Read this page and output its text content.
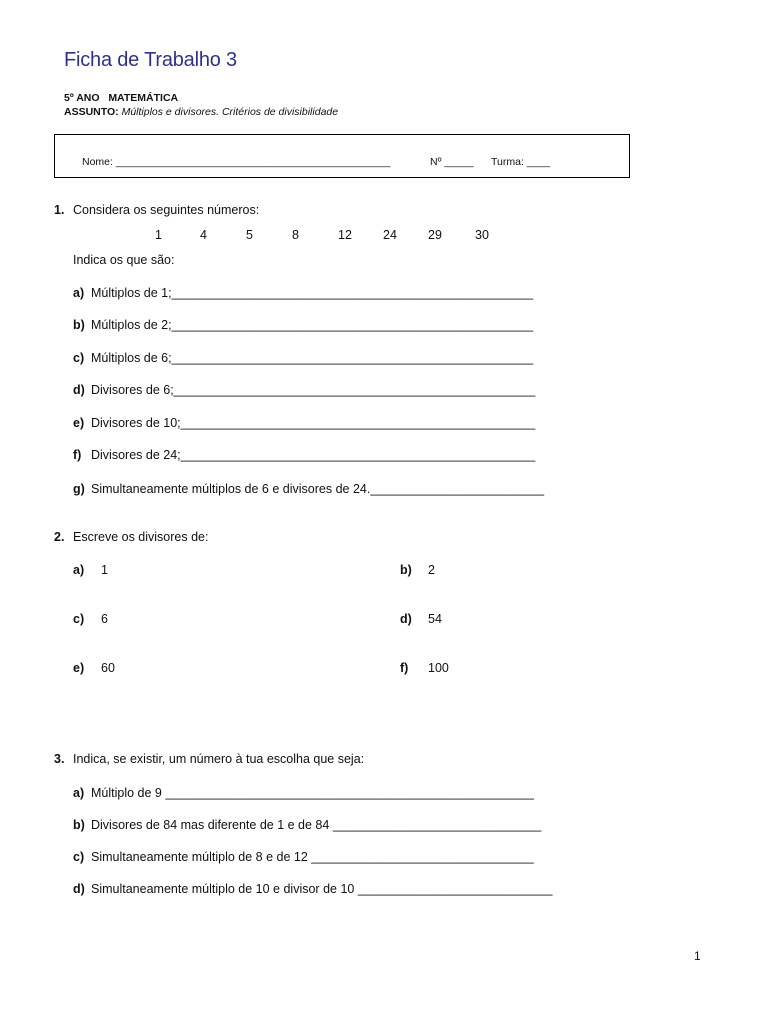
Ficha de Trabalho 3
5º ANO MATEMÁTICA
ASSUNTO: Múltiplos e divisores. Critérios de divisibilidade
Nome: _______________________________________________	Nº _____ Turma: ____
1. Considera os seguintes números:
1	4	5	8	12 24 29	30
Indica os que são:
a) Múltiplos de 1;____________________________________________________
b) Múltiplos de 2;____________________________________________________
c) Múltiplos de 6;____________________________________________________
d) Divisores de 6;____________________________________________________
e) Divisores de 10;___________________________________________________
f) Divisores de 24;___________________________________________________
g) Simultaneamente múltiplos de 6 e divisores de 24._________________________
2. Escreve os divisores de:
a) 1	b) 2
c) 6	d) 54
e) 60	f) 100
3. Indica, se existir, um número à tua escolha que seja:
a) Múltiplo de 9 _____________________________________________________
b) Divisores de 84 mas diferente de 1 e de 84 ______________________________
c) Simultaneamente múltiplo de 8 e de 12 ________________________________
d) Simultaneamente múltiplo de 10 e divisor de 10 ____________________________
1
